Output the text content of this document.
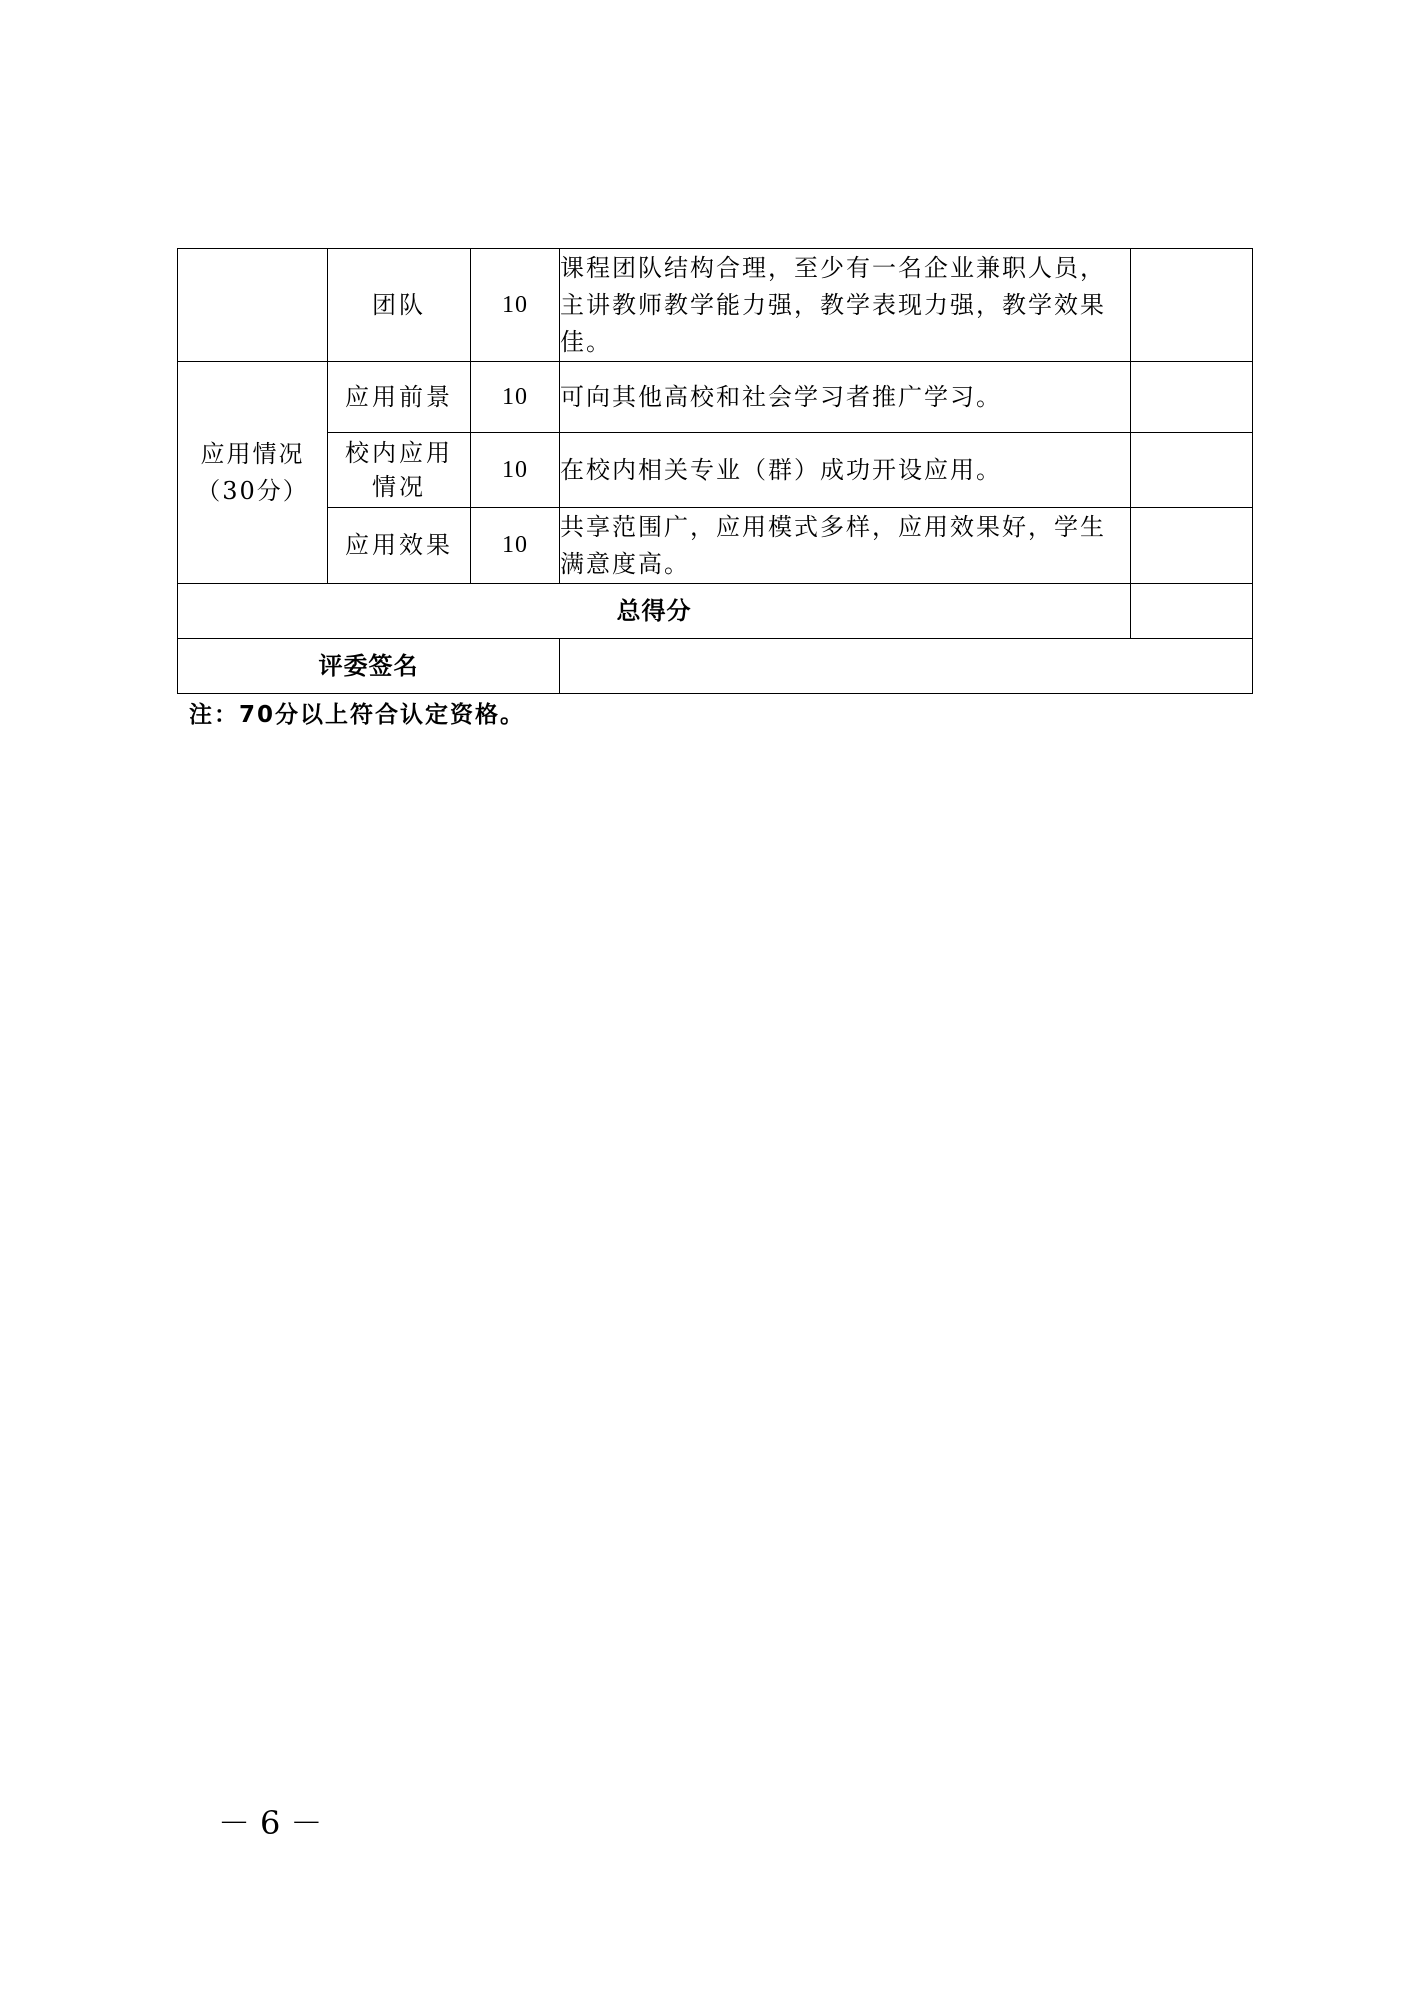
	团队	10	课程团队结构合理，至少有一名企业兼职人员，主讲教师教学能力强，教学表现力强，教学效果佳。	
应用情况（30分）	应用前景	10	可向其他高校和社会学习者推广学习。	
	校内应用情况	10	在校内相关专业（群）成功开设应用。	
	应用效果	10	共享范围广，应用模式多样，应用效果好，学生满意度高。	
总得分				
评委签名				
注：70分以上符合认定资格。
－6－
